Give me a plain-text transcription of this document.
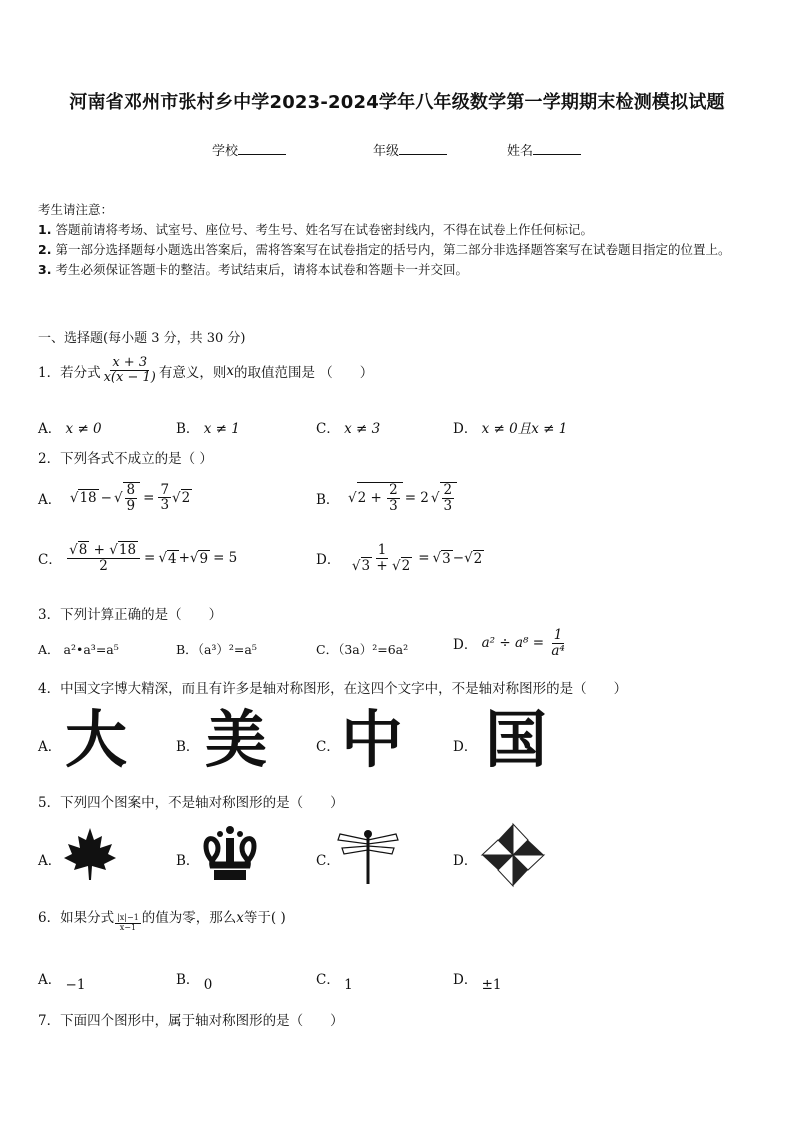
河南省邓州市张村乡中学2023-2024学年八年级数学第一学期期末检测模拟试题
学校	年级	姓名
考生请注意：
1. 答题前请将考场、试室号、座位号、考生号、姓名写在试卷密封线内，不得在试卷上作任何标记。
2. 第一部分选择题每小题选出答案后，需将答案写在试卷指定的括号内，第二部分非选择题答案写在试卷题目指定的位置上。
3. 考生必须保证答题卡的整洁。考试结束后，请将本试卷和答题卡一并交回。
一、选择题(每小题 3 分，共 30 分)
1． 若分式 $\frac{x + 3}{x(x - 1)}$ 有意义，则 x 的取值范围是 （　　）
A． x ≠ 0	B． x ≠ 1	C． x ≠ 3	D． x ≠ 0且x ≠ 1
2．下列各式不成立的是（ ）
A． √ 18 − √ $\frac{8}{9} = \frac{7}{3}$ √ 2	B． √ $2 + \frac{2}{3} = 2$ √ $\frac{2}{3}$
C．
$\frac{√8 + √18}{2}$ = √ 4 + √ 9 = 5	D．
$\frac{1}{√3 + √2}$ = √ 3 − √ 2
3．下列计算正确的是（　　）
A． a²•a³=a⁵	B．（a³）²=a⁵	C．（3a）²=6a²	D．
a² ÷ a⁸ =
$\frac{1}{\text{a⁴}}$
4．中国文字博大精深，而且有许多是轴对称图形，在这四个文字中，不是轴对称图形的是（　　）
A． 大	B． 美	C． 中	D． 国
5．下列四个图案中，不是轴对称图形的是（　　）
A．	B．	C．	D．
6． 如果分式 $\frac{|x|-1}{x-1}$ 的值为零，那么 x 等于( )
A． −1	B． 0	C． 1	D． ±1
7．下面四个图形中，属于轴对称图形的是（　　）
